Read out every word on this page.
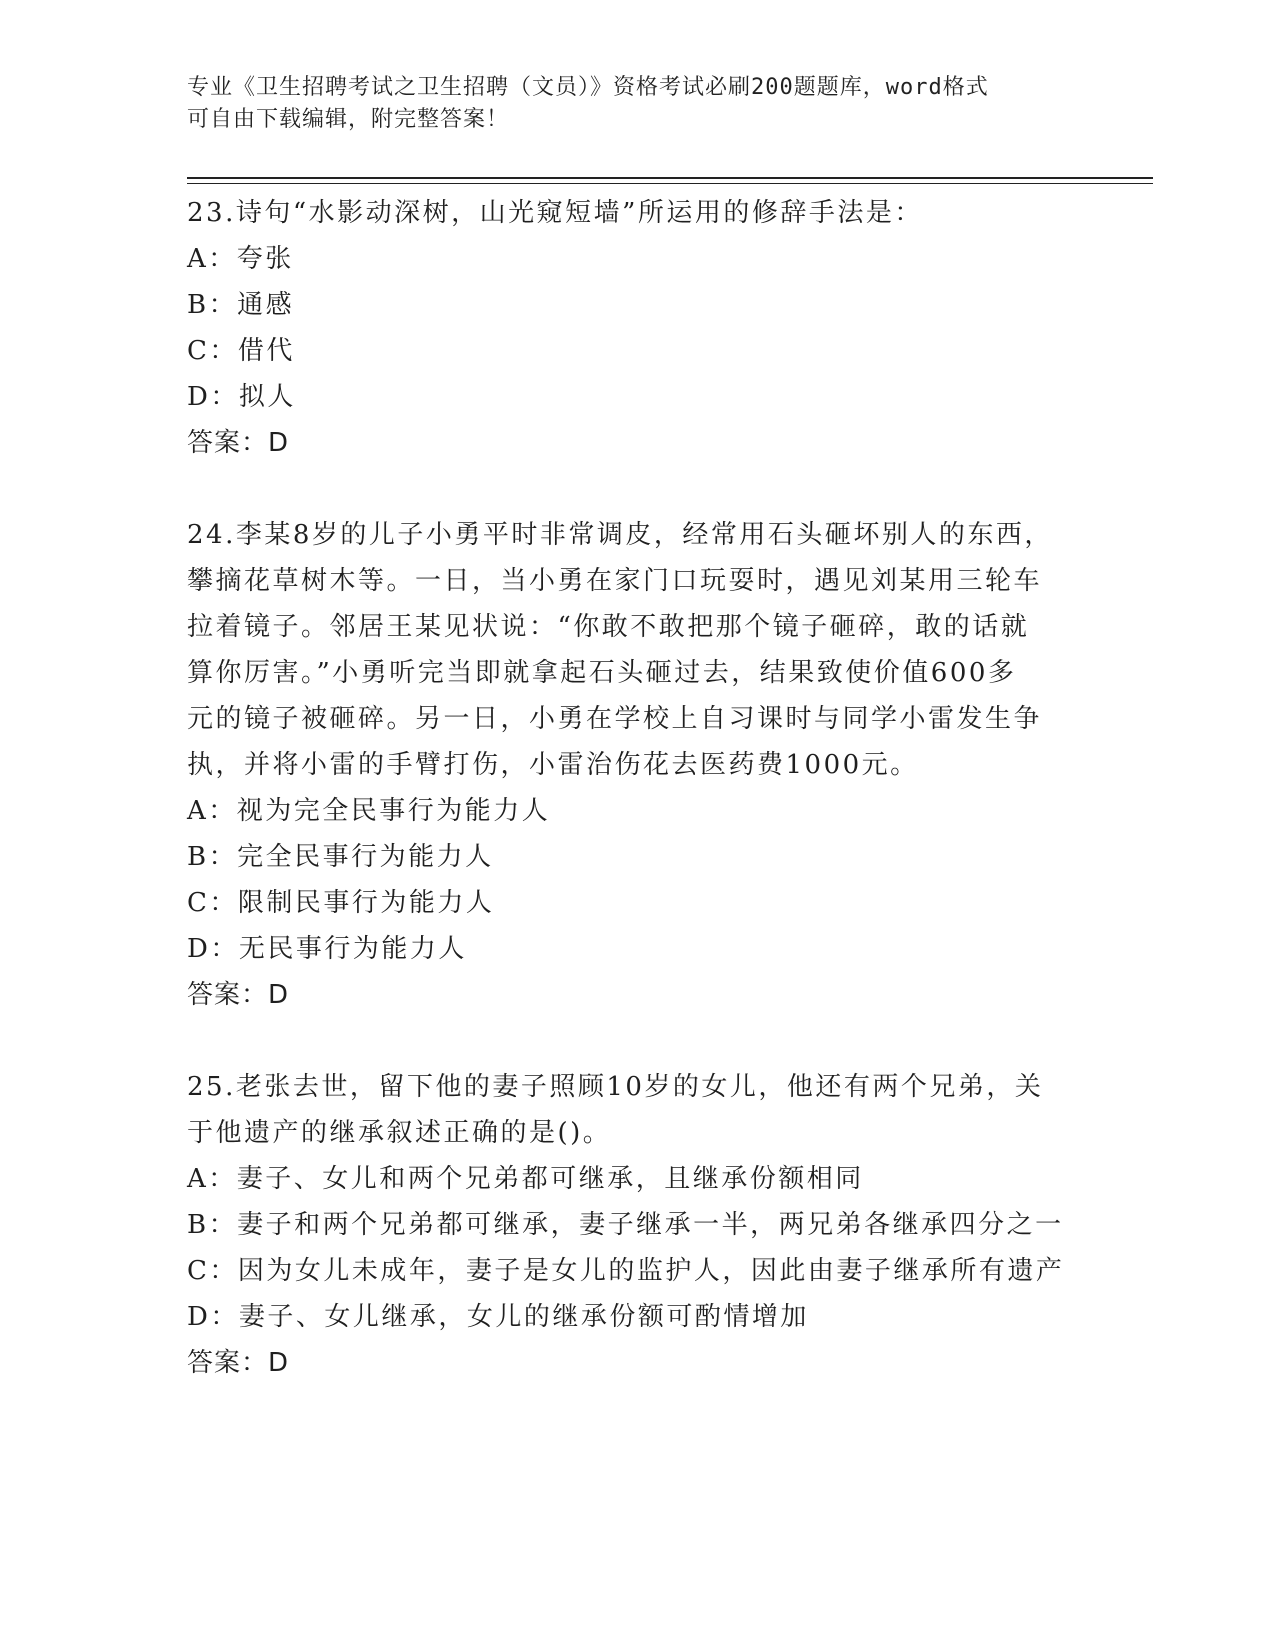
专业《卫生招聘考试之卫生招聘（文员）》资格考试必刷200题题库，word格式
可自由下载编辑，附完整答案！
23.诗句“水影动深树，山光窥短墙”所运用的修辞手法是：
A：夸张
B：通感
C：借代
D：拟人
答案：D
24.李某8岁的儿子小勇平时非常调皮，经常用石头砸坏别人的东西，
攀摘花草树木等。一日，当小勇在家门口玩耍时，遇见刘某用三轮车
拉着镜子。邻居王某见状说：“你敢不敢把那个镜子砸碎，敢的话就
算你厉害。”小勇听完当即就拿起石头砸过去，结果致使价值600多
元的镜子被砸碎。另一日，小勇在学校上自习课时与同学小雷发生争
执，并将小雷的手臂打伤，小雷治伤花去医药费1000元。
A：视为完全民事行为能力人
B：完全民事行为能力人
C：限制民事行为能力人
D：无民事行为能力人
答案：D
25.老张去世，留下他的妻子照顾10岁的女儿，他还有两个兄弟，关
于他遗产的继承叙述正确的是()。
A：妻子、女儿和两个兄弟都可继承，且继承份额相同
B：妻子和两个兄弟都可继承，妻子继承一半，两兄弟各继承四分之一
C：因为女儿未成年，妻子是女儿的监护人，因此由妻子继承所有遗产
D：妻子、女儿继承，女儿的继承份额可酌情增加
答案：D
